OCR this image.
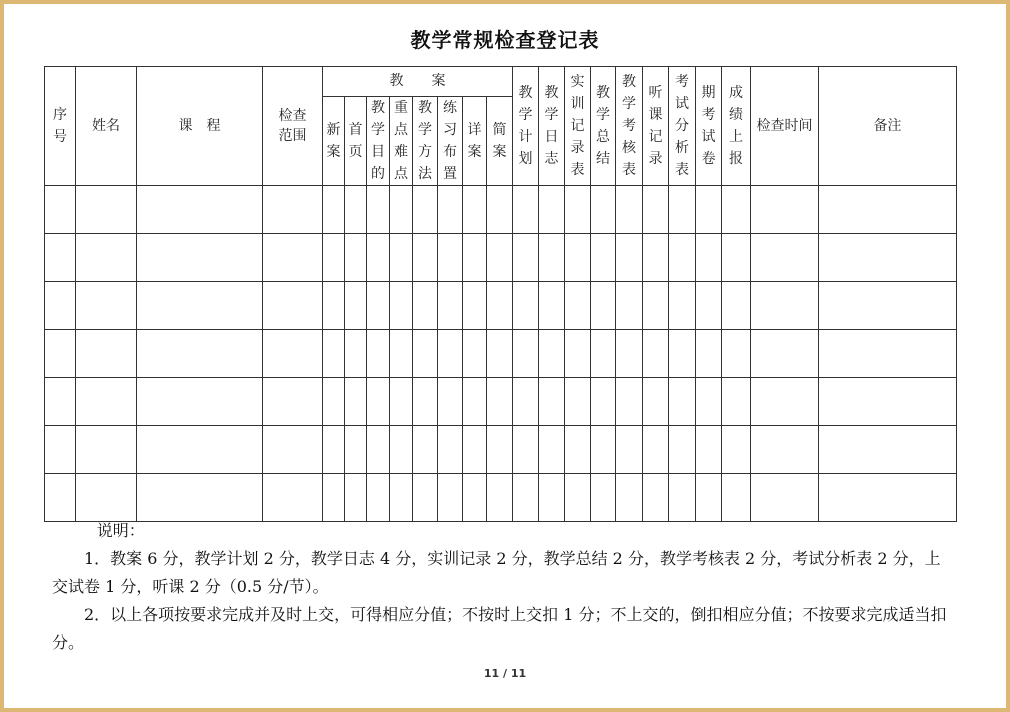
教学常规检查登记表
序号	姓名	课　程	检查范围	教　　案								教学计划	教学日志	实训记录表	教学总结	教学考核表	听课记录	考试分析表	期考试卷	成绩上报	检查时间	备注
				新案	首页	教学目的	重点难点	教学方法	练习布置	详案	简案											

说明：

1．教案 6 分，教学计划 2 分，教学日志 4 分，实训记录 2 分，教学总结 2 分，教学考核表 2 分，考试分析表 2 分，上交试卷 1 分，听课 2 分（0.5 分/节）。

2．以上各项按要求完成并及时上交，可得相应分值；不按时上交扣 1 分；不上交的，倒扣相应分值；不按要求完成适当扣分。

11 / 11
